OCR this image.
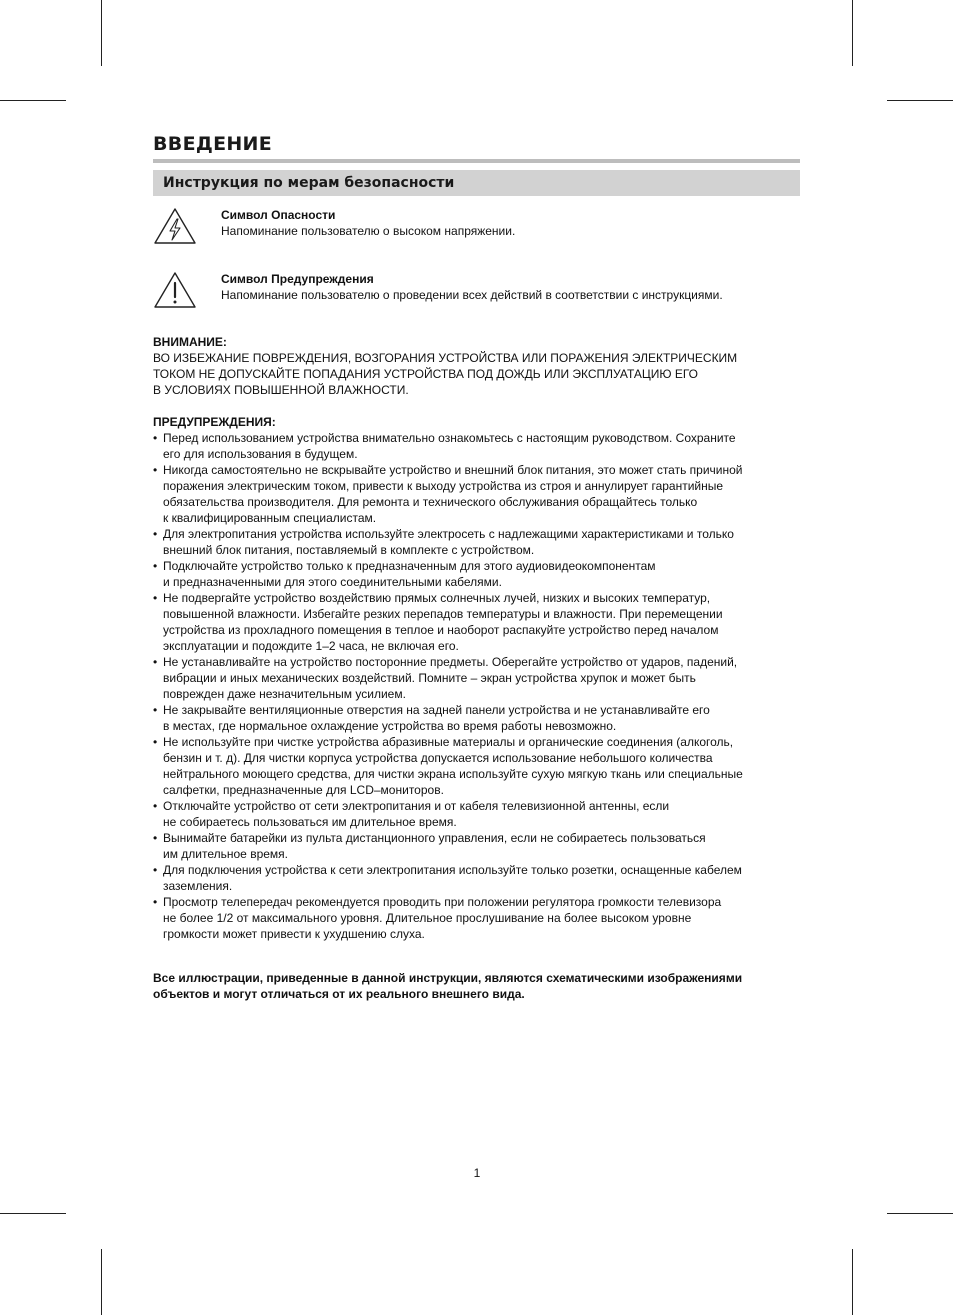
ВВЕДЕНИЕ
Инструкция по мерам безопасности
Символ Опасности
Напоминание пользователю о высоком напряжении.
Символ Предупреждения
Напоминание пользователю о проведении всех действий в соответствии с инструкциями.
ВНИМАНИЕ:
ВО ИЗБЕЖАНИЕ ПОВРЕЖДЕНИЯ, ВОЗГОРАНИЯ УСТРОЙСТВА ИЛИ ПОРАЖЕНИЯ ЭЛЕКТРИЧЕСКИМ
ТОКОМ НЕ ДОПУСКАЙТЕ ПОПАДАНИЯ УСТРОЙСТВА ПОД ДОЖДЬ ИЛИ ЭКСПЛУАТАЦИЮ ЕГО
В УСЛОВИЯХ ПОВЫШЕННОЙ ВЛАЖНОСТИ.
ПРЕДУПРЕЖДЕНИЯ:
• Перед использованием устройства внимательно ознакомьтесь с настоящим руководством. Сохраните
его для использования в будущем.
• Никогда самостоятельно не вскрывайте устройство и внешний блок питания, это может стать причиной
поражения электрическим током, привести к выходу устройства из строя и аннулирует гарантийные
обязательства производителя. Для ремонта и технического обслуживания обращайтесь только
к квалифицированным специалистам.
• Для электропитания устройства используйте электросеть с надлежащими характеристиками и только
внешний блок питания, поставляемый в комплекте с устройством.
• Подключайте устройство только к предназначенным для этого аудиовидеокомпонентам
и предназначенными для этого соединительными кабелями.
• Не подвергайте устройство воздействию прямых солнечных лучей, низких и высоких температур,
повышенной влажности. Избегайте резких перепадов температуры и влажности. При перемещении
устройства из прохладного помещения в теплое и наоборот распакуйте устройство перед началом
эксплуатации и подождите 1–2 часа, не включая его.
• Не устанавливайте на устройство посторонние предметы. Оберегайте устройство от ударов, падений,
вибрации и иных механических воздействий. Помните – экран устройства хрупок и может быть
поврежден даже незначительным усилием.
• Не закрывайте вентиляционные отверстия на задней панели устройства и не устанавливайте его
в местах, где нормальное охлаждение устройства во время работы невозможно.
• Не используйте при чистке устройства абразивные материалы и органические соединения (алкоголь,
бензин и т. д). Для чистки корпуса устройства допускается использование небольшого количества
нейтрального моющего средства, для чистки экрана используйте сухую мягкую ткань или специальные
салфетки, предназначенные для LCD–мониторов.
• Отключайте устройство от сети электропитания и от кабеля телевизионной антенны, если
не собираетесь пользоваться им длительное время.
• Вынимайте батарейки из пульта дистанционного управления, если не собираетесь пользоваться
им длительное время.
• Для подключения устройства к сети электропитания используйте только розетки, оснащенные кабелем
заземления.
• Просмотр телепередач рекомендуется проводить при положении регулятора громкости телевизора
не более 1/2 от максимального уровня. Длительное прослушивание на более высоком уровне
громкости может привести к ухудшению слуха.
Все иллюстрации, приведенные в данной инструкции, являются схематическими изображениями
объектов и могут отличаться от их реального внешнего вида.
1
